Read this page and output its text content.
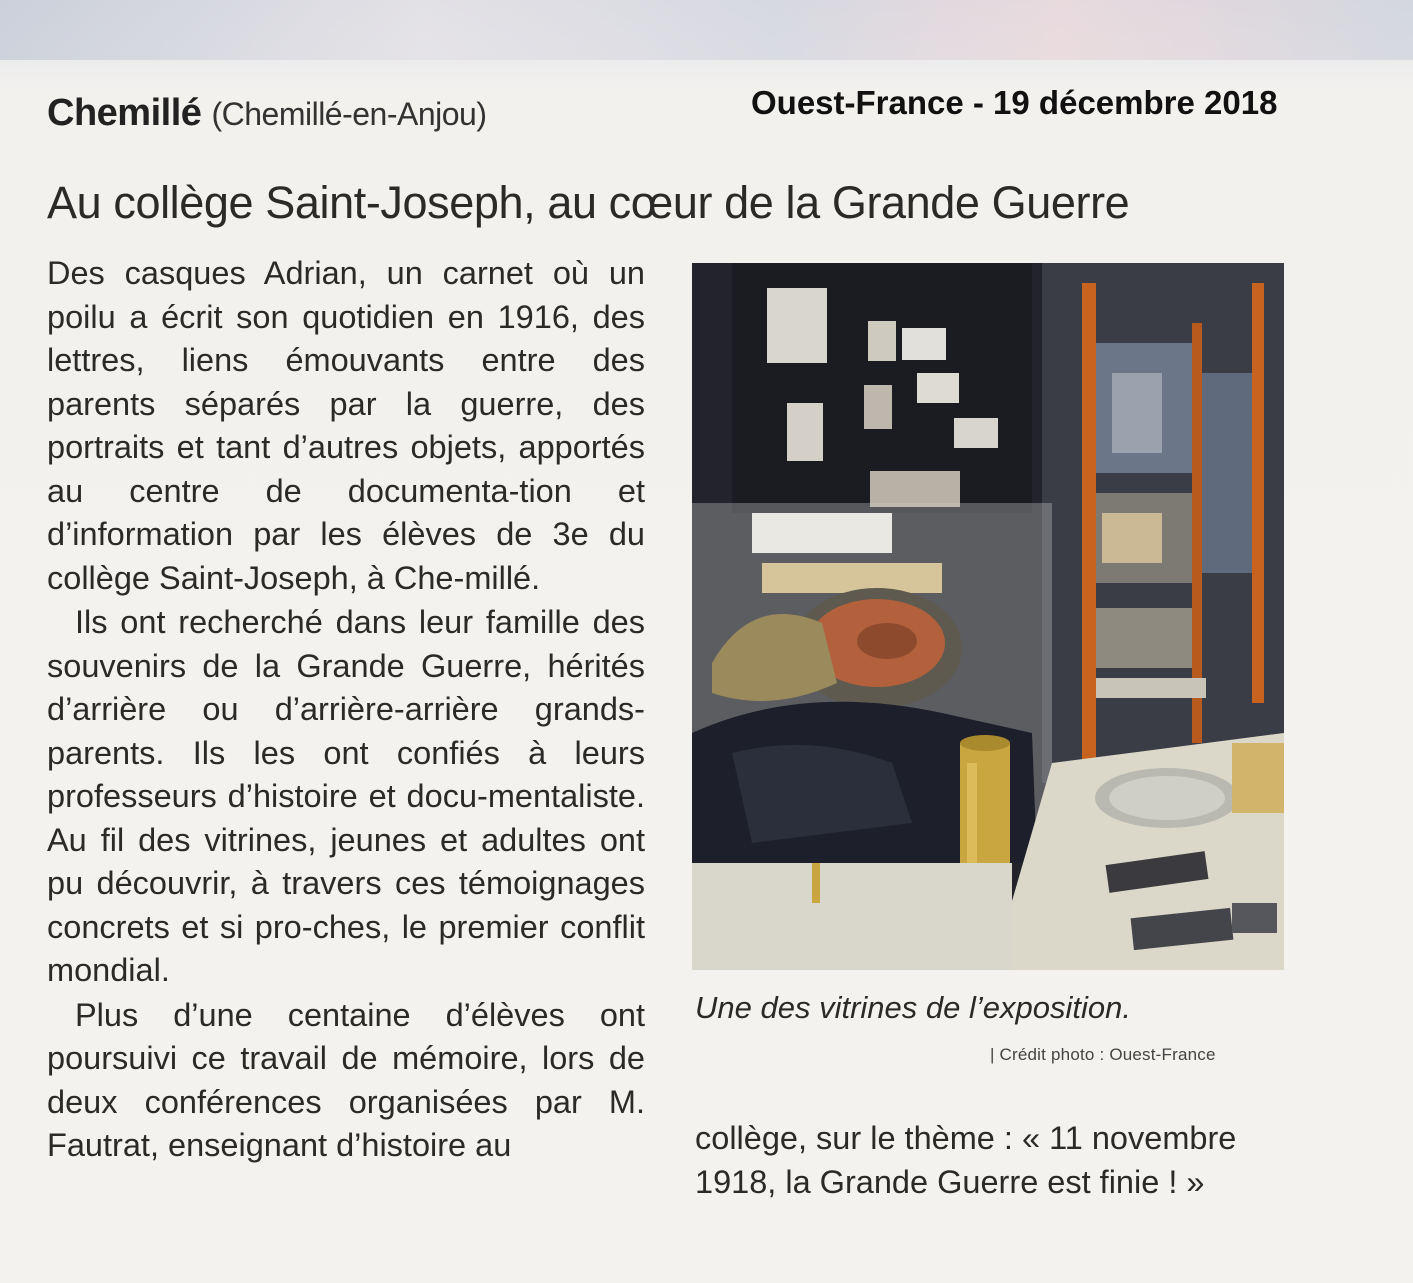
Chemillé (Chemillé-en-Anjou)	Ouest-France - 19 décembre 2018
Au collège Saint-Joseph, au cœur de la Grande Guerre

Des casques Adrian, un carnet où un poilu a écrit son quotidien en 1916, des lettres, liens émouvants entre des parents séparés par la guerre, des portraits et tant d’autres objets, apportés au centre de documenta-tion et d’information par les élèves de 3e du collège Saint-Joseph, à Che-millé.

Ils ont recherché dans leur famille des souvenirs de la Grande Guerre, hérités d’arrière ou d’arrière-arrière grands-parents. Ils les ont confiés à leurs professeurs d’histoire et docu-mentaliste. Au fil des vitrines, jeunes et adultes ont pu découvrir, à travers ces témoignages concrets et si pro-ches, le premier conflit mondial.

Plus d’une centaine d’élèves ont poursuivi ce travail de mémoire, lors de deux conférences organisées par M. Fautrat, enseignant d’histoire au

Une des vitrines de l’exposition.
| Crédit photo : Ouest-France

collège, sur le thème : « 11 novembre 1918, la Grande Guerre est finie ! »
